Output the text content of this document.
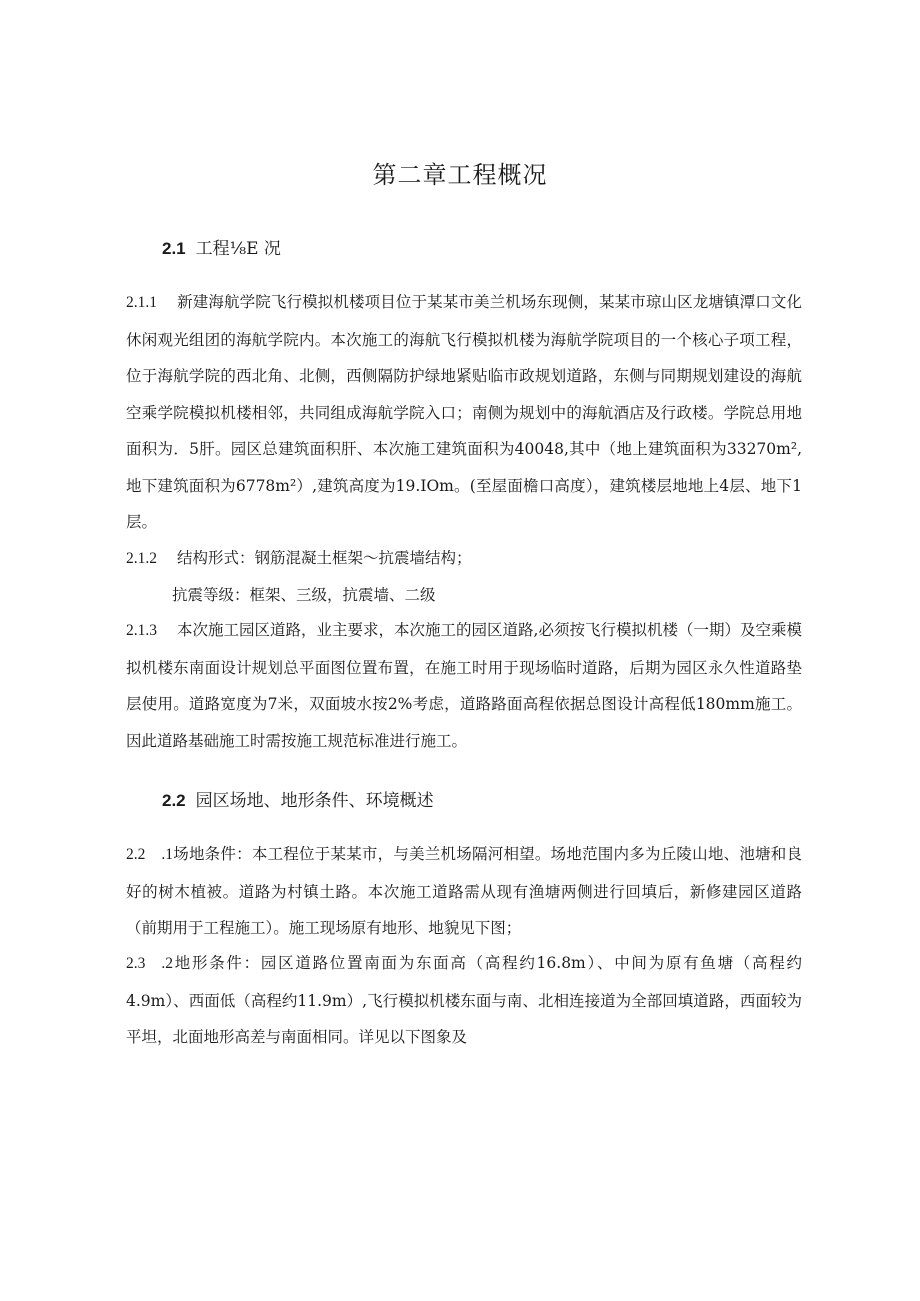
第二章工程概况
2.1 工程⅛E 况
2.1.1 新建海航学院飞行模拟机楼项目位于某某市美兰机场东现侧，某某市琼山区龙塘镇潭口文化休闲观光组团的海航学院内。本次施工的海航飞行模拟机楼为海航学院项目的一个核心子项工程，位于海航学院的西北角、北侧，西侧隔防护绿地紧贴临市政规划道路，东侧与同期规划建设的海航空乘学院模拟机楼相邻，共同组成海航学院入口；南侧为规划中的海航酒店及行政楼。学院总用地面积为．5肝。园区总建筑面积肝、本次施工建筑面积为40048,其中（地上建筑面积为33270m²,地下建筑面积为6778m²）,建筑高度为19.IOm。(至屋面檐口高度），建筑楼层地地上4层、地下1层。
2.1.2 结构形式：钢筋混凝土框架～抗震墙结构；
抗震等级：框架、三级，抗震墙、二级
2.1.3 本次施工园区道路，业主要求，本次施工的园区道路,必须按飞行模拟机楼（一期）及空乘模拟机楼东南面设计规划总平面图位置布置，在施工时用于现场临时道路，后期为园区永久性道路垫层使用。道路宽度为7米，双面坡水按2%考虑，道路路面高程依据总图设计高程低180mm施工。因此道路基础施工时需按施工规范标准进行施工。
2.2 园区场地、地形条件、环境概述
2.2 .1场地条件：本工程位于某某市，与美兰机场隔河相望。场地范围内多为丘陵山地、池塘和良好的树木植被。道路为村镇土路。本次施工道路需从现有渔塘两侧进行回填后，新修建园区道路（前期用于工程施工）。施工现场原有地形、地貌见下图；
2.3 .2地形条件：园区道路位置南面为东面高（高程约16.8m）、中间为原有鱼塘（高程约4.9m）、西面低（高程约11.9m）,飞行模拟机楼东面与南、北相连接道为全部回填道路，西面较为平坦，北面地形高差与南面相同。详见以下图象及
